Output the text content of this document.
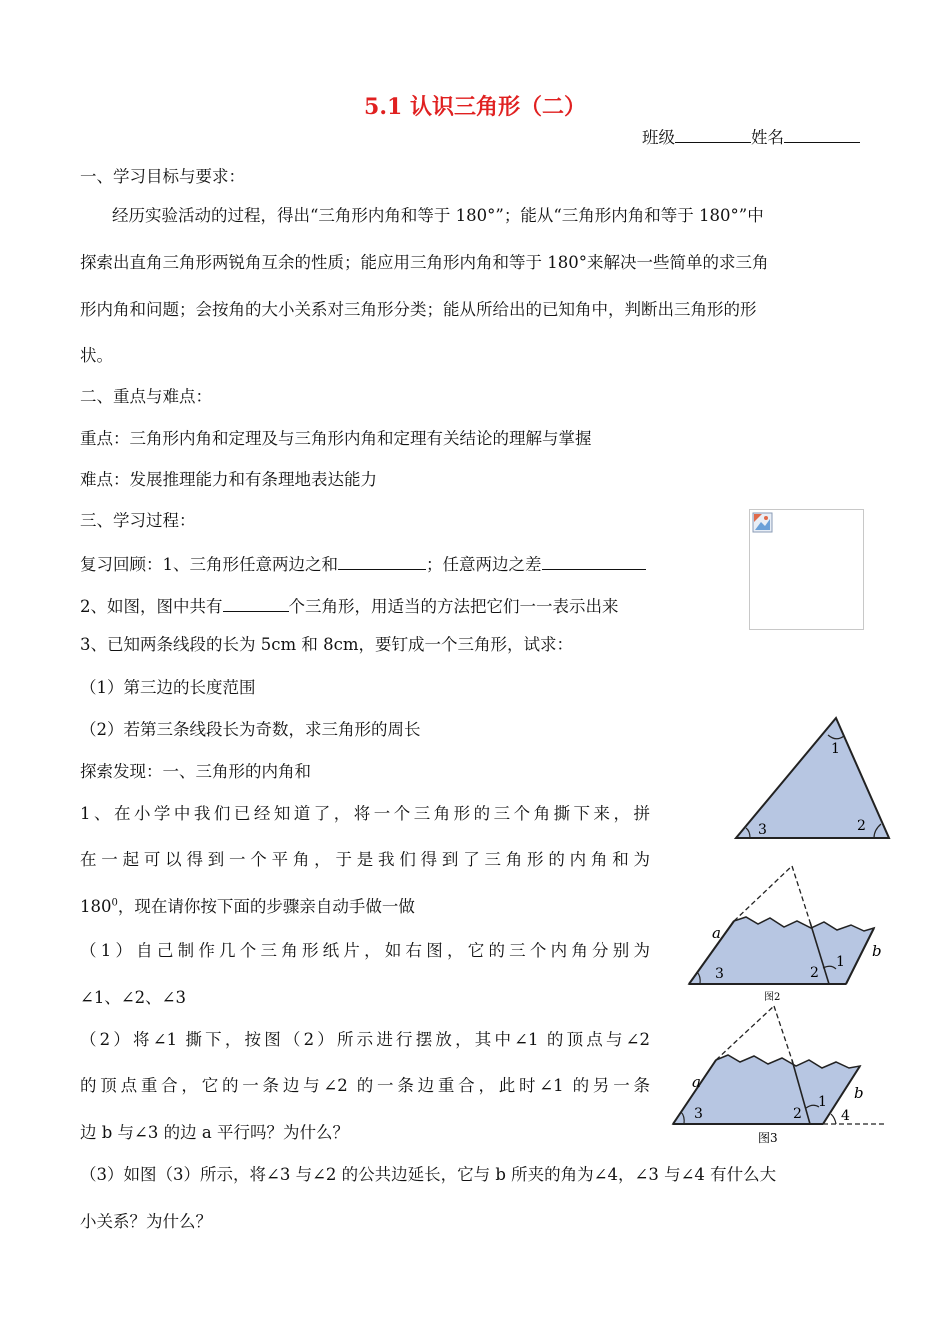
5.1 认识三角形（二）
班级	姓名
一、学习目标与要求：
经历实验活动的过程，得出“三角形内角和等于 180°”；能从“三角形内角和等于 180°”中
探索出直角三角形两锐角互余的性质；能应用三角形内角和等于 180°来解决一些简单的求三角
形内角和问题；会按角的大小关系对三角形分类；能从所给出的已知角中，判断出三角形的形
状。
二、重点与难点：
重点：三角形内角和定理及与三角形内角和定理有关结论的理解与掌握
难点：发展推理能力和有条理地表达能力
三、学习过程：
复习回顾：1、三角形任意两边之和	；任意两边之差
2、如图，图中共有	个三角形，用适当的方法把它们一一表示出来
3、已知两条线段的长为 5cm 和 8cm，要钉成一个三角形，试求：
（1）第三边的长度范围
（2）若第三条线段长为奇数，求三角形的周长
探索发现：一、三角形的内角和
1、在小学中我们已经知道了，将一个三角形的三个角撕下来，拼
在一起可以得到一个平角，于是我们得到了三角形的内角和为
$180^0$，现在请你按下面的步骤亲自动手做一做
（1）自己制作几个三角形纸片，如右图，它的三个内角分别为
∠1、∠2、∠3
（2）将∠1 撕下，按图（2）所示进行摆放，其中∠1 的顶点与∠2
的顶点重合，它的一条边与∠2 的一条边重合，此时∠1 的另一条
边 b 与∠3 的边 a 平行吗？为什么？
（3）如图（3）所示，将∠3 与∠2 的公共边延长，它与 b 所夹的角为∠4，∠3 与∠4 有什么大
小关系？为什么？
1
2
3
a
b
1
2
3
图2
a
b
1
2
3	4
图3
